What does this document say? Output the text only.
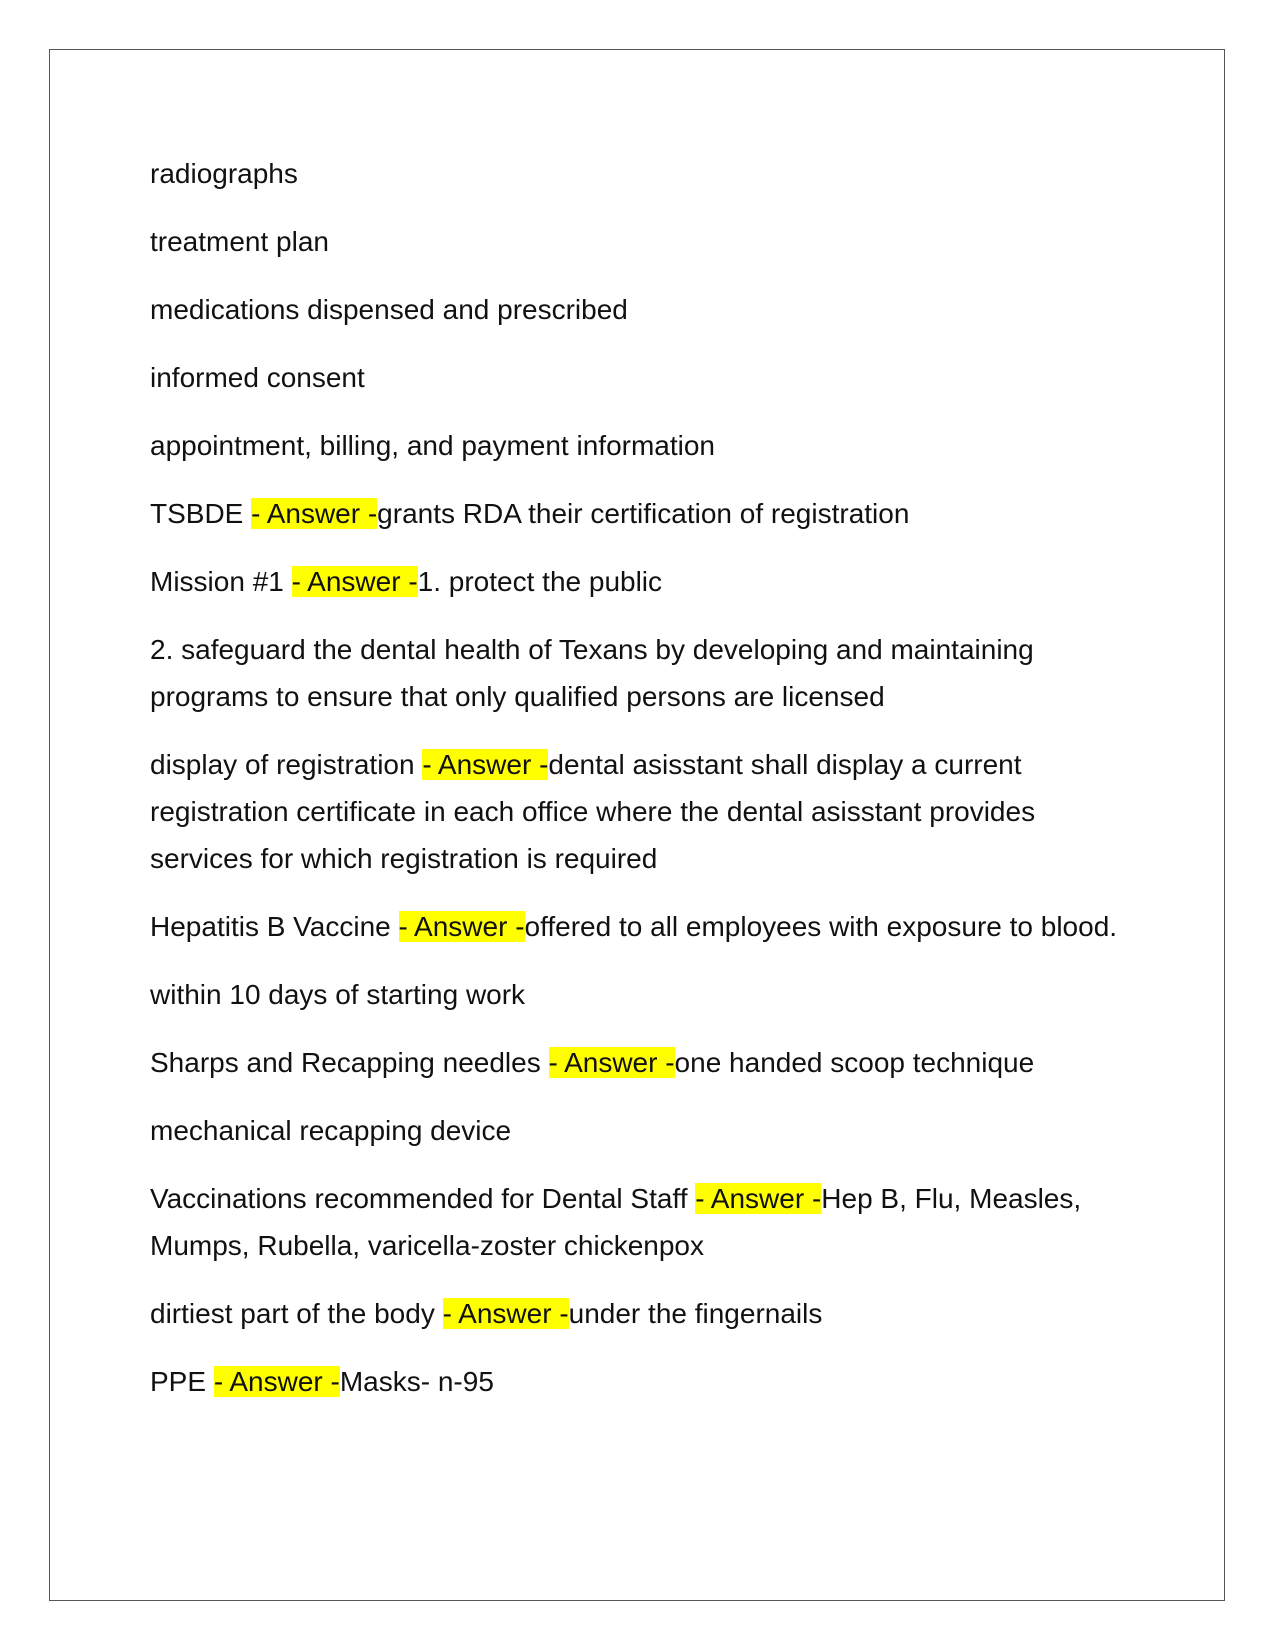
radiographs

treatment plan

medications dispensed and prescribed

informed consent

appointment, billing, and payment information

TSBDE - Answer -grants RDA their certification of registration

Mission #1 - Answer -1. protect the public

2. safeguard the dental health of Texans by developing and maintaining programs to ensure that only qualified persons are licensed

display of registration - Answer -dental asisstant shall display a current registration certificate in each office where the dental asisstant provides services for which registration is required

Hepatitis B Vaccine - Answer -offered to all employees with exposure to blood.

within 10 days of starting work

Sharps and Recapping needles - Answer -one handed scoop technique

mechanical recapping device

Vaccinations recommended for Dental Staff - Answer -Hep B, Flu, Measles, Mumps, Rubella, varicella-zoster chickenpox

dirtiest part of the body - Answer -under the fingernails

PPE - Answer -Masks- n-95
